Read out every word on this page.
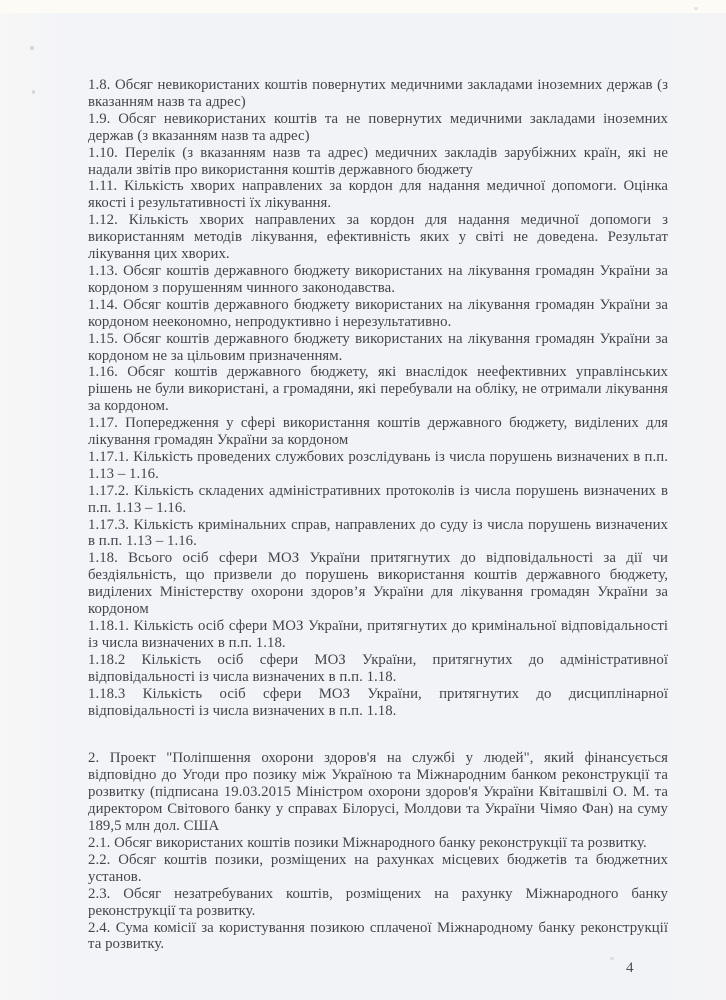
1.8. Обсяг невикористаних коштів повернутих медичними закладами іноземних держав (з вказанням назв та адрес)

1.9. Обсяг невикористаних коштів та не повернутих медичними закладами іноземних держав (з вказанням назв та адрес)

1.10. Перелік (з вказанням назв та адрес) медичних закладів зарубіжних країн, які не надали звітів про використання коштів державного бюджету

1.11. Кількість хворих направлених за кордон для надання медичної допомоги. Оцінка якості і результативності їх лікування.

1.12. Кількість хворих направлених за кордон для надання медичної допомоги з використанням методів лікування, ефективність яких у світі не доведена. Результат лікування цих хворих.

1.13. Обсяг коштів державного бюджету використаних на лікування громадян України за кордоном з порушенням чинного законодавства.

1.14. Обсяг коштів державного бюджету використаних на лікування громадян України за кордоном неекономно, непродуктивно і нерезультативно.

1.15. Обсяг коштів державного бюджету використаних на лікування громадян України за кордоном не за цільовим призначенням.

1.16. Обсяг коштів державного бюджету, які внаслідок неефективних управлінських рішень не були використані, а громадяни, які перебували на обліку, не отримали лікування за кордоном.

1.17. Попередження у сфері використання коштів державного бюджету, виділених для лікування громадян України за кордоном

1.17.1. Кількість проведених службових розслідувань із числа порушень визначених в п.п. 1.13 – 1.16.

1.17.2. Кількість складених адміністративних протоколів із числа порушень визначених в п.п. 1.13 – 1.16.

1.17.3. Кількість кримінальних справ, направлених до суду із числа порушень визначених в п.п. 1.13 – 1.16.

1.18. Всього осіб сфери МОЗ України притягнутих до відповідальності за дії чи бездіяльність, що призвели до порушень використання коштів державного бюджету, виділених Міністерству охорони здоров’я України для лікування громадян України за кордоном

1.18.1. Кількість осіб сфери МОЗ України, притягнутих до кримінальної відповідальності із числа визначених в п.п. 1.18.

1.18.2 Кількість осіб сфери МОЗ України, притягнутих до адміністративної відповідальності із числа визначених в п.п. 1.18.

1.18.3 Кількість осіб сфери МОЗ України, притягнутих до дисциплінарної відповідальності із числа визначених в п.п. 1.18.

2. Проект "Поліпшення охорони здоров'я на службі у людей", який фінансується відповідно до Угоди про позику між Україною та Міжнародним банком реконструкції та розвитку (підписана 19.03.2015 Міністром охорони здоров'я України Квіташвілі О. М. та директором Світового банку у справах Білорусі, Молдови та України Чімяо Фан) на суму 189,5 млн дол. США

2.1. Обсяг використаних коштів позики Міжнародного банку реконструкції та розвитку.

2.2. Обсяг коштів позики, розміщених на рахунках місцевих бюджетів та бюджетних установ.

2.3. Обсяг незатребуваних коштів, розміщених на рахунку Міжнародного банку реконструкції та розвитку.

2.4. Сума комісії за користування позикою сплаченої Міжнародному банку реконструкції та розвитку.

4
